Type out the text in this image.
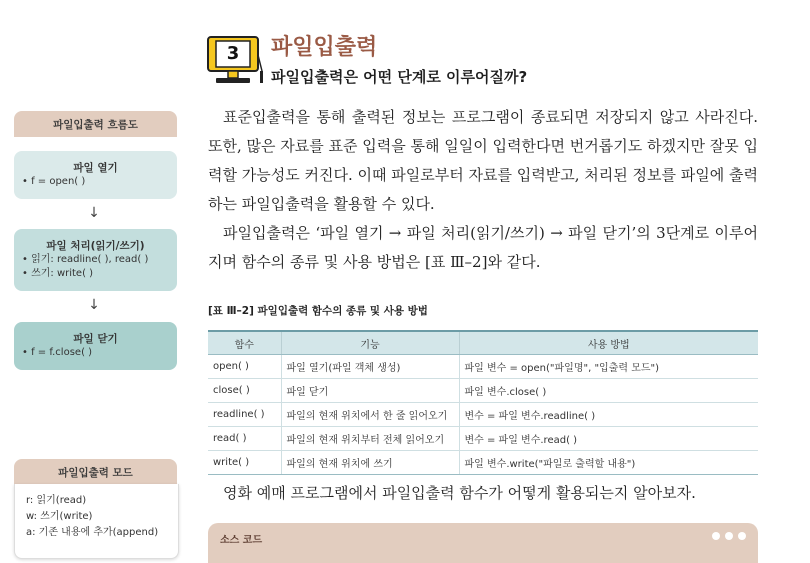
파일입출력 흐름도
파일 열기
• f = open( )
↓
파일 처리(읽기/쓰기)
• 읽기: readline( ), read( )
• 쓰기: write( )
↓
파일 닫기
• f = f.close( )
파일입출력 모드
r: 읽기(read)
w: 쓰기(write)
a: 기존 내용에 추가(append)
3	파일입출력
파일입출력은 어떤 단계로 이루어질까?

표준입출력을 통해 출력된 정보는 프로그램이 종료되면 저장되지 않고 사라진다. 또한, 많은 자료를 표준 입력을 통해 일일이 입력한다면 번거롭기도 하겠지만 잘못 입력할 가능성도 커진다. 이때 파일로부터 자료를 입력받고, 처리된 정보를 파일에 출력하는 파일입출력을 활용할 수 있다.

파일입출력은 ‘파일 열기 → 파일 처리(읽기/쓰기) → 파일 닫기’의 3단계로 이루어지며 함수의 종류 및 사용 방법은 [표 Ⅲ–2]와 같다.

[표 Ⅲ–2] 파일입출력 함수의 종류 및 사용 방법
함수	기능	사용 방법
open( )	파일 열기(파일 객체 생성)	파일 변수 = open("파일명", "입출력 모드")
close( )	파일 닫기	파일 변수.close( )
readline( )	파일의 현재 위치에서 한 줄 읽어오기	변수 = 파일 변수.readline( )
read( )	파일의 현재 위치부터 전체 읽어오기	변수 = 파일 변수.read( )
write( )	파일의 현재 위치에 쓰기	파일 변수.write("파일로 출력할 내용")

영화 예매 프로그램에서 파일입출력 함수가 어떻게 활용되는지 알아보자.

소스 코드
